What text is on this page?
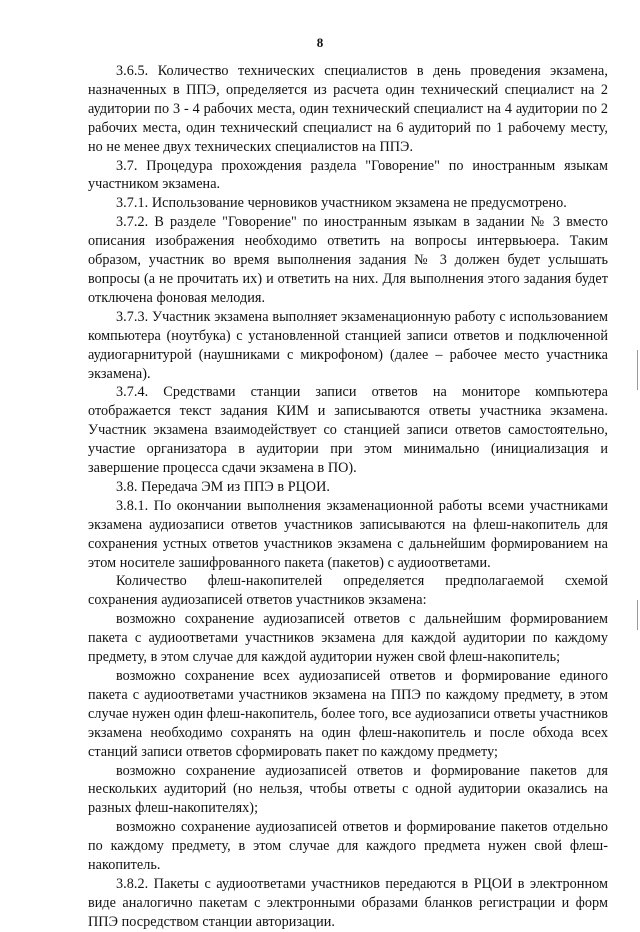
8

3.6.5. Количество технических специалистов в день проведения экзамена, назначенных в ППЭ, определяется из расчета один технический специалист на 2 аудитории по 3 - 4 рабочих места, один технический специалист на 4 аудитории по 2 рабочих места, один технический специалист на 6 аудиторий по 1 рабочему месту, но не менее двух технических специалистов на ППЭ.

3.7. Процедура прохождения раздела "Говорение" по иностранным языкам участником экзамена.

3.7.1. Использование черновиков участником экзамена не предусмотрено.

3.7.2. В разделе "Говорение" по иностранным языкам в задании № 3 вместо описания изображения необходимо ответить на вопросы интервьюера. Таким образом, участник во время выполнения задания № 3 должен будет услышать вопросы (а не прочитать их) и ответить на них. Для выполнения этого задания будет отключена фоновая мелодия.

3.7.3. Участник экзамена выполняет экзаменационную работу с использованием компьютера (ноутбука) с установленной станцией записи ответов и подключенной аудиогарнитурой (наушниками с микрофоном) (далее – рабочее место участника экзамена).

3.7.4. Средствами станции записи ответов на мониторе компьютера отображается текст задания КИМ и записываются ответы участника экзамена. Участник экзамена взаимодействует со станцией записи ответов самостоятельно, участие организатора в аудитории при этом минимально (инициализация и завершение процесса сдачи экзамена в ПО).

3.8. Передача ЭМ из ППЭ в РЦОИ.

3.8.1. По окончании выполнения экзаменационной работы всеми участниками экзамена аудиозаписи ответов участников записываются на флеш-накопитель для сохранения устных ответов участников экзамена с дальнейшим формированием на этом носителе зашифрованного пакета (пакетов) с аудиоответами.

Количество флеш-накопителей определяется предполагаемой схемой сохранения аудиозаписей ответов участников экзамена:

возможно сохранение аудиозаписей ответов с дальнейшим формированием пакета с аудиоответами участников экзамена для каждой аудитории по каждому предмету, в этом случае для каждой аудитории нужен свой флеш-накопитель;

возможно сохранение всех аудиозаписей ответов и формирование единого пакета с аудиоответами участников экзамена на ППЭ по каждому предмету, в этом случае нужен один флеш-накопитель, более того, все аудиозаписи ответы участников экзамена необходимо сохранять на один флеш-накопитель и после обхода всех станций записи ответов сформировать пакет по каждому предмету;

возможно сохранение аудиозаписей ответов и формирование пакетов для нескольких аудиторий (но нельзя, чтобы ответы с одной аудитории оказались на разных флеш-накопителях);

возможно сохранение аудиозаписей ответов и формирование пакетов отдельно по каждому предмету, в этом случае для каждого предмета нужен свой флеш-накопитель.

3.8.2. Пакеты с аудиоответами участников передаются в РЦОИ в электронном виде аналогично пакетам с электронными образами бланков регистрации и форм ППЭ посредством станции авторизации.
